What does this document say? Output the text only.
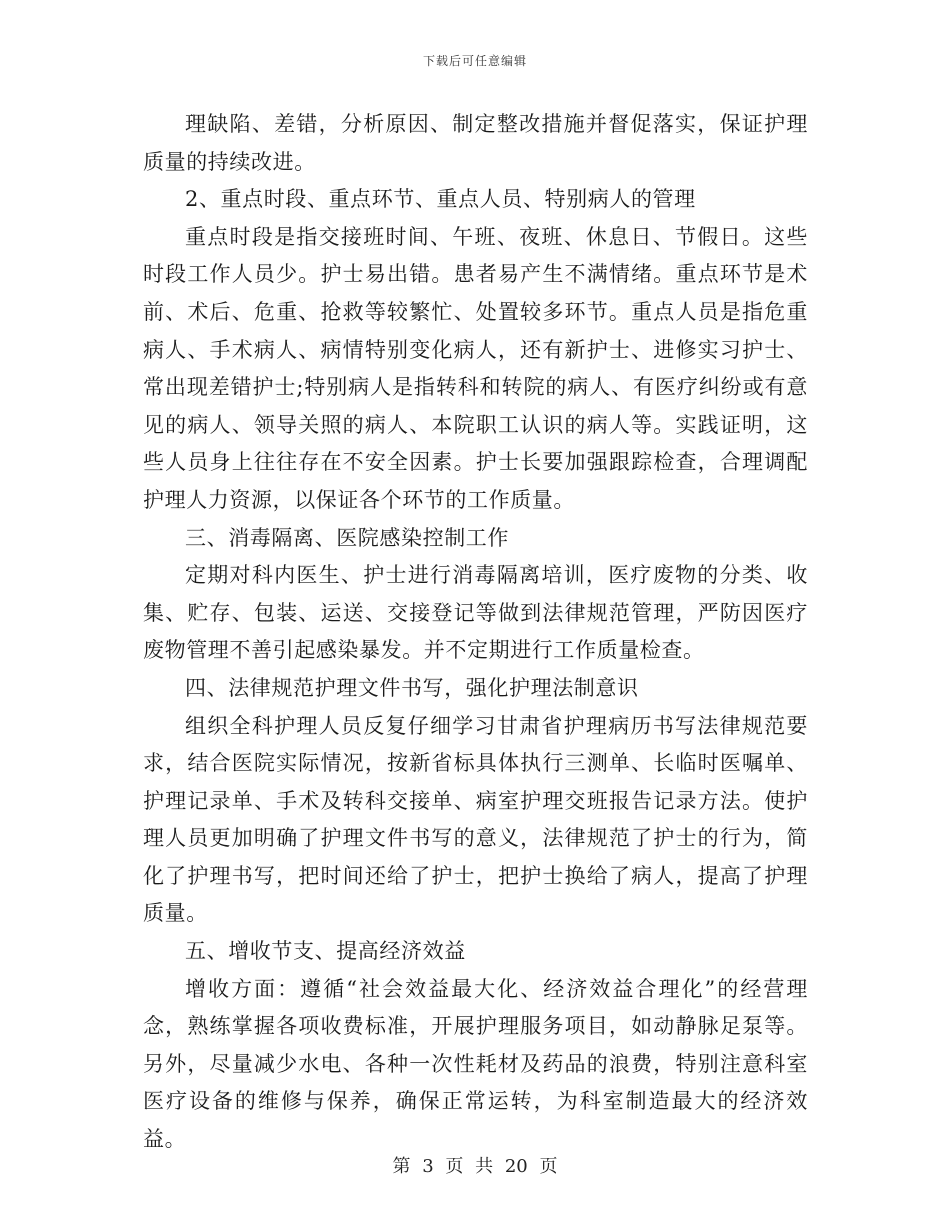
下载后可任意编辑

理缺陷、差错，分析原因、制定整改措施并督促落实，保证护理质量的持续改进。

2、重点时段、重点环节、重点人员、特别病人的管理

重点时段是指交接班时间、午班、夜班、休息日、节假日。这些时段工作人员少。护士易出错。患者易产生不满情绪。重点环节是术前、术后、危重、抢救等较繁忙、处置较多环节。重点人员是指危重病人、手术病人、病情特别变化病人，还有新护士、进修实习护士、常出现差错护士;特别病人是指转科和转院的病人、有医疗纠纷或有意见的病人、领导关照的病人、本院职工认识的病人等。实践证明，这些人员身上往往存在不安全因素。护士长要加强跟踪检查，合理调配护理人力资源，以保证各个环节的工作质量。

三、消毒隔离、医院感染控制工作

定期对科内医生、护士进行消毒隔离培训，医疗废物的分类、收集、贮存、包装、运送、交接登记等做到法律规范管理，严防因医疗废物管理不善引起感染暴发。并不定期进行工作质量检查。

四、法律规范护理文件书写，强化护理法制意识

组织全科护理人员反复仔细学习甘肃省护理病历书写法律规范要求，结合医院实际情况，按新省标具体执行三测单、长临时医嘱单、护理记录单、手术及转科交接单、病室护理交班报告记录方法。使护理人员更加明确了护理文件书写的意义，法律规范了护士的行为，简化了护理书写，把时间还给了护士，把护士换给了病人，提高了护理质量。

五、增收节支、提高经济效益

增收方面：遵循“社会效益最大化、经济效益合理化”的经营理念，熟练掌握各项收费标准，开展护理服务项目，如动静脉足泵等。另外，尽量减少水电、各种一次性耗材及药品的浪费，特别注意科室医疗设备的维修与保养，确保正常运转，为科室制造最大的经济效益。

第 3 页 共 20 页
